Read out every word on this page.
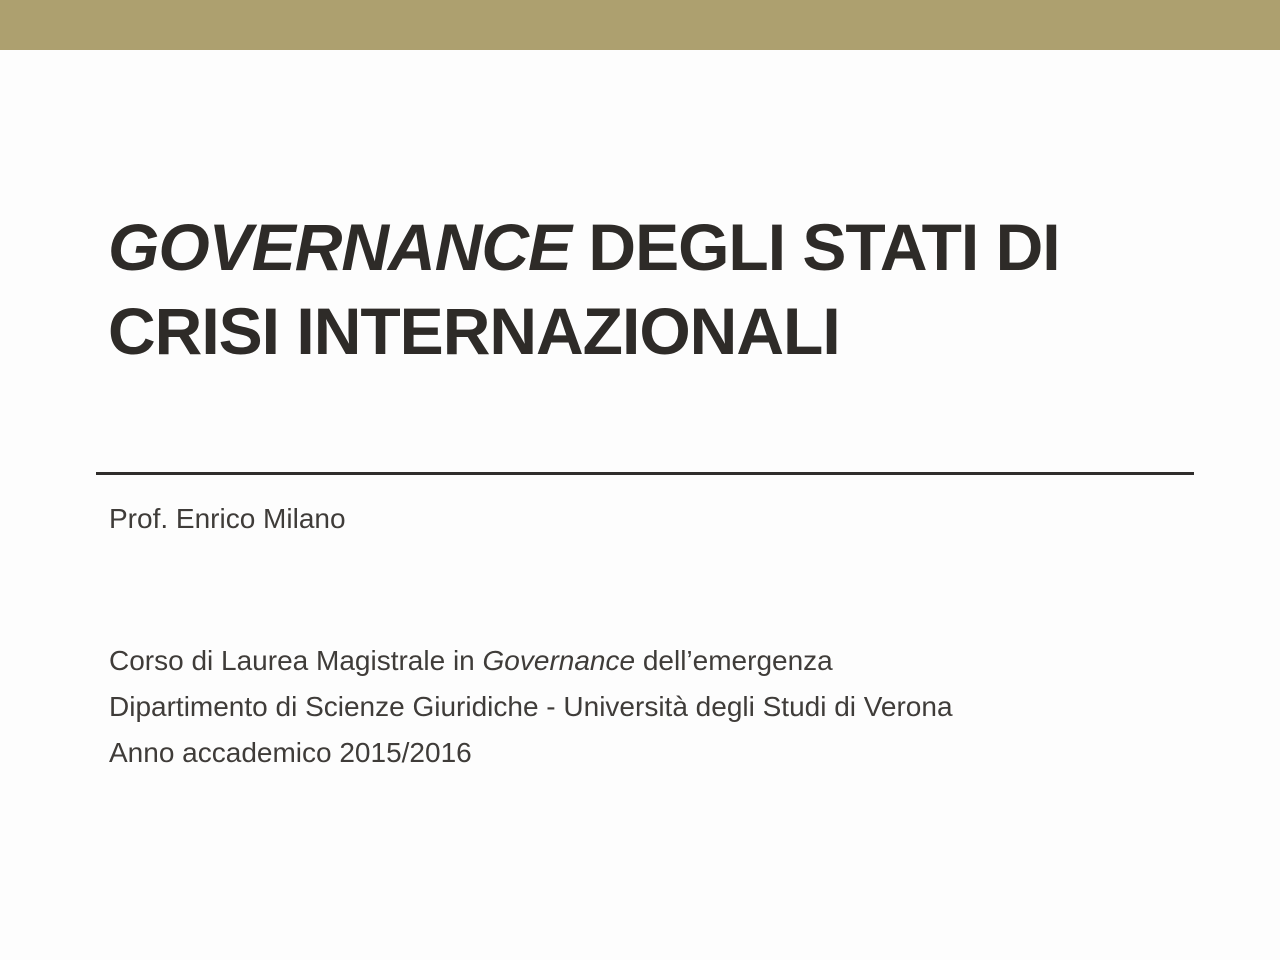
GOVERNANCE DEGLI STATI DI
CRISI INTERNAZIONALI

Prof. Enrico Milano

Corso di Laurea Magistrale in Governance dell’emergenza
Dipartimento di Scienze Giuridiche - Università degli Studi di Verona
Anno accademico 2015/2016
